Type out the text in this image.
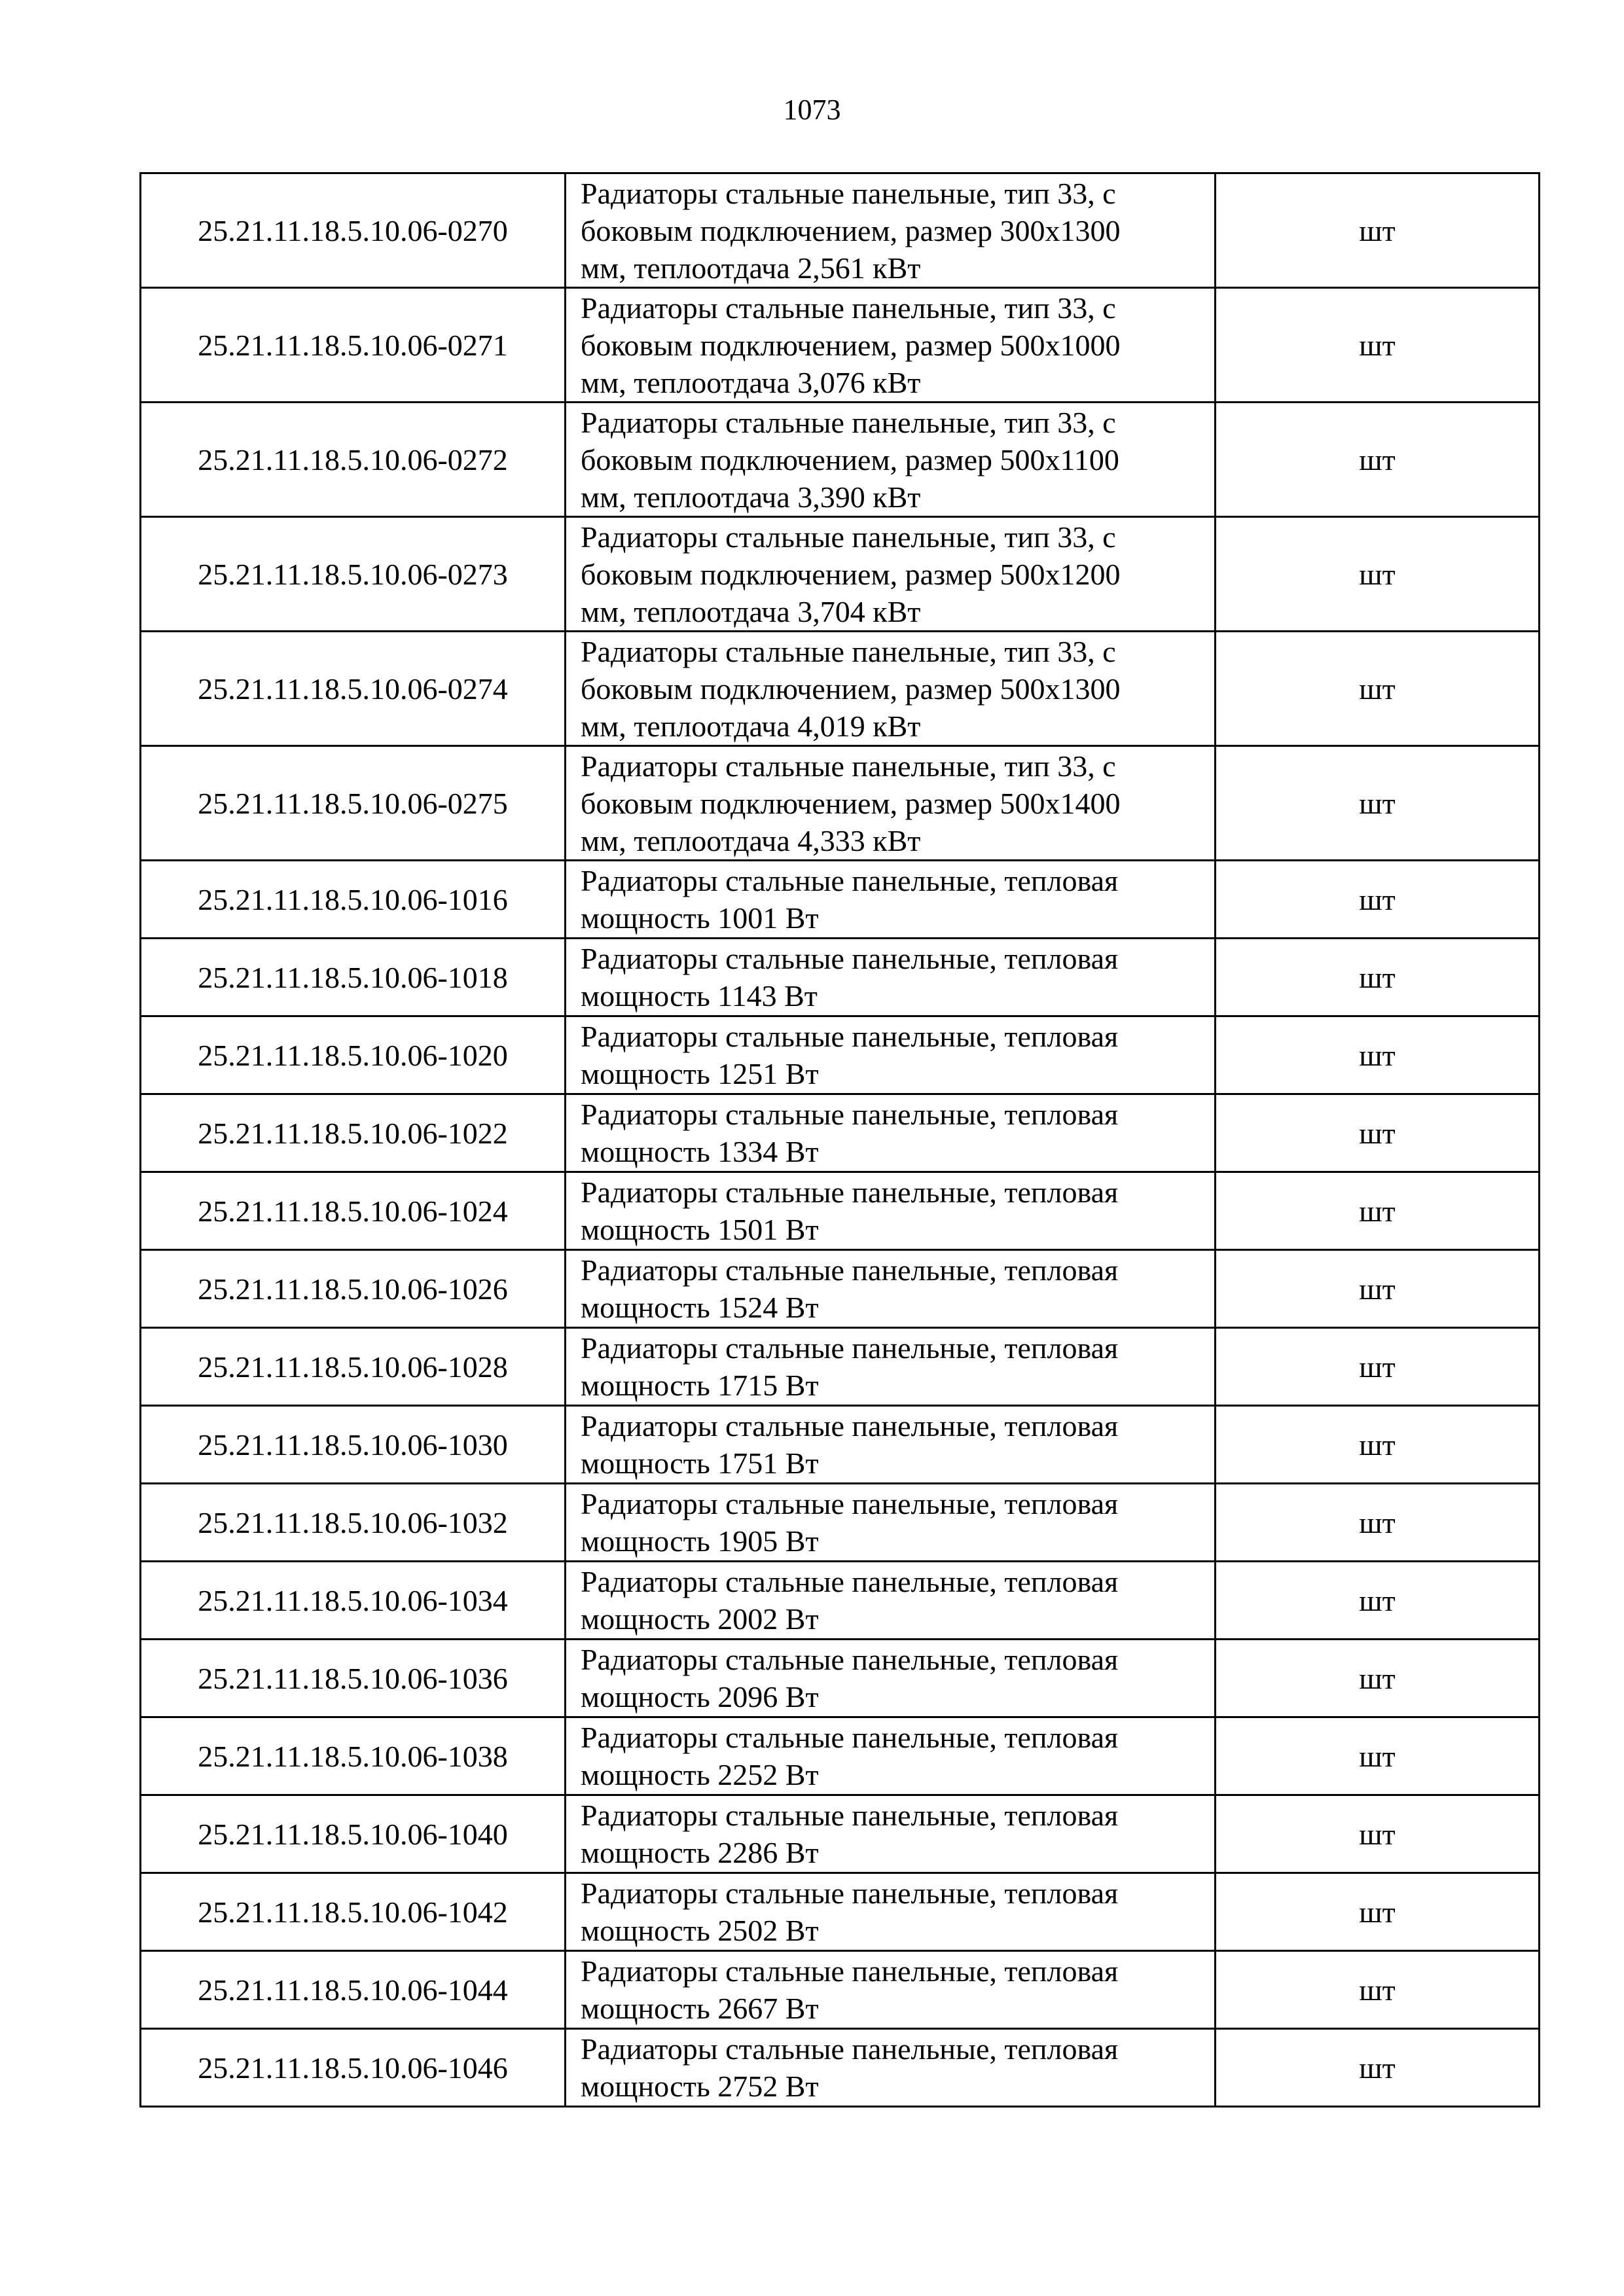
1073
25.21.11.18.5.10.06-0270	Радиаторы стальные панельные, тип 33, с
боковым подключением, размер 300х1300
мм, теплоотдача 2,561 кВт	шт
25.21.11.18.5.10.06-0271	Радиаторы стальные панельные, тип 33, с
боковым подключением, размер 500х1000
мм, теплоотдача 3,076 кВт	шт
25.21.11.18.5.10.06-0272	Радиаторы стальные панельные, тип 33, с
боковым подключением, размер 500х1100
мм, теплоотдача 3,390 кВт	шт
25.21.11.18.5.10.06-0273	Радиаторы стальные панельные, тип 33, с
боковым подключением, размер 500х1200
мм, теплоотдача 3,704 кВт	шт
25.21.11.18.5.10.06-0274	Радиаторы стальные панельные, тип 33, с
боковым подключением, размер 500х1300
мм, теплоотдача 4,019 кВт	шт
25.21.11.18.5.10.06-0275	Радиаторы стальные панельные, тип 33, с
боковым подключением, размер 500х1400
мм, теплоотдача 4,333 кВт	шт
25.21.11.18.5.10.06-1016	Радиаторы стальные панельные, тепловая
мощность 1001 Вт	шт
25.21.11.18.5.10.06-1018	Радиаторы стальные панельные, тепловая
мощность 1143 Вт	шт
25.21.11.18.5.10.06-1020	Радиаторы стальные панельные, тепловая
мощность 1251 Вт	шт
25.21.11.18.5.10.06-1022	Радиаторы стальные панельные, тепловая
мощность 1334 Вт	шт
25.21.11.18.5.10.06-1024	Радиаторы стальные панельные, тепловая
мощность 1501 Вт	шт
25.21.11.18.5.10.06-1026	Радиаторы стальные панельные, тепловая
мощность 1524 Вт	шт
25.21.11.18.5.10.06-1028	Радиаторы стальные панельные, тепловая
мощность 1715 Вт	шт
25.21.11.18.5.10.06-1030	Радиаторы стальные панельные, тепловая
мощность 1751 Вт	шт
25.21.11.18.5.10.06-1032	Радиаторы стальные панельные, тепловая
мощность 1905 Вт	шт
25.21.11.18.5.10.06-1034	Радиаторы стальные панельные, тепловая
мощность 2002 Вт	шт
25.21.11.18.5.10.06-1036	Радиаторы стальные панельные, тепловая
мощность 2096 Вт	шт
25.21.11.18.5.10.06-1038	Радиаторы стальные панельные, тепловая
мощность 2252 Вт	шт
25.21.11.18.5.10.06-1040	Радиаторы стальные панельные, тепловая
мощность 2286 Вт	шт
25.21.11.18.5.10.06-1042	Радиаторы стальные панельные, тепловая
мощность 2502 Вт	шт
25.21.11.18.5.10.06-1044	Радиаторы стальные панельные, тепловая
мощность 2667 Вт	шт
25.21.11.18.5.10.06-1046	Радиаторы стальные панельные, тепловая
мощность 2752 Вт	шт
